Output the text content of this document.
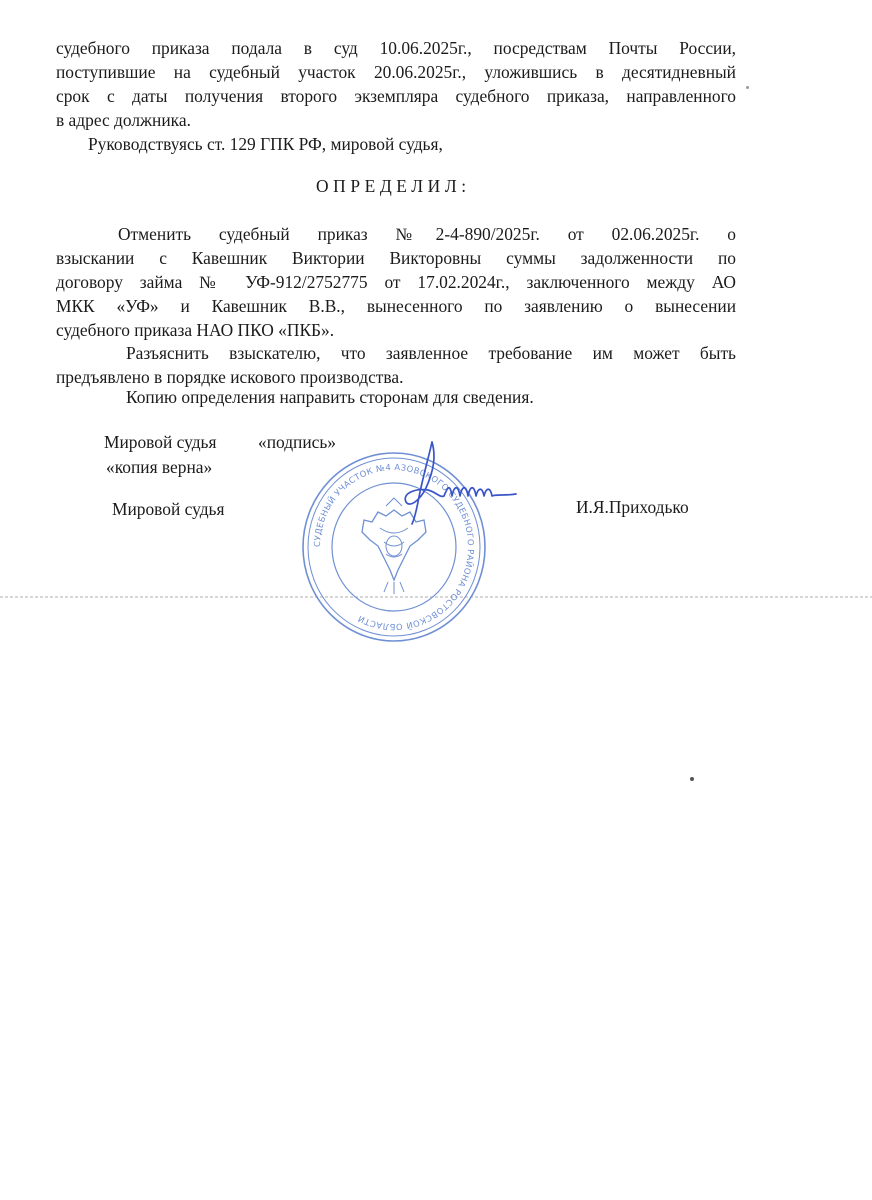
судебного приказа подала в суд 10.06.2025г., посредствам Почты России,
поступившие на судебный участок 20.06.2025г., уложившись в десятидневный
срок с даты получения второго экземпляра судебного приказа, направленного
в адрес должника.
Руководствуясь ст. 129 ГПК РФ, мировой судья,
ОПРЕДЕЛИЛ:
Отменить судебный приказ №2-4-890/2025г. от 02.06.2025г. о
взыскании с Кавешник Виктории Викторовны суммы задолженности по
договору займа № УФ-912/2752775 от 17.02.2024г., заключенного между АО
МКК «УФ» и Кавешник В.В., вынесенного по заявлению о вынесении
судебного приказа НАО ПКО «ПКБ».
Разъяснить взыскателю, что заявленное требование им может быть
предъявлено в порядке искового производства.
Копию определения направить сторонам для сведения.
Мировой судья «подпись»
«копия верна»
Мировой судья	И.Я.Приходько
СУДЕБНЫЙ УЧАСТОК №4 АЗОВСКОГО СУДЕБНОГО РАЙОНА РОСТОВСКОЙ ОБЛАСТИ
